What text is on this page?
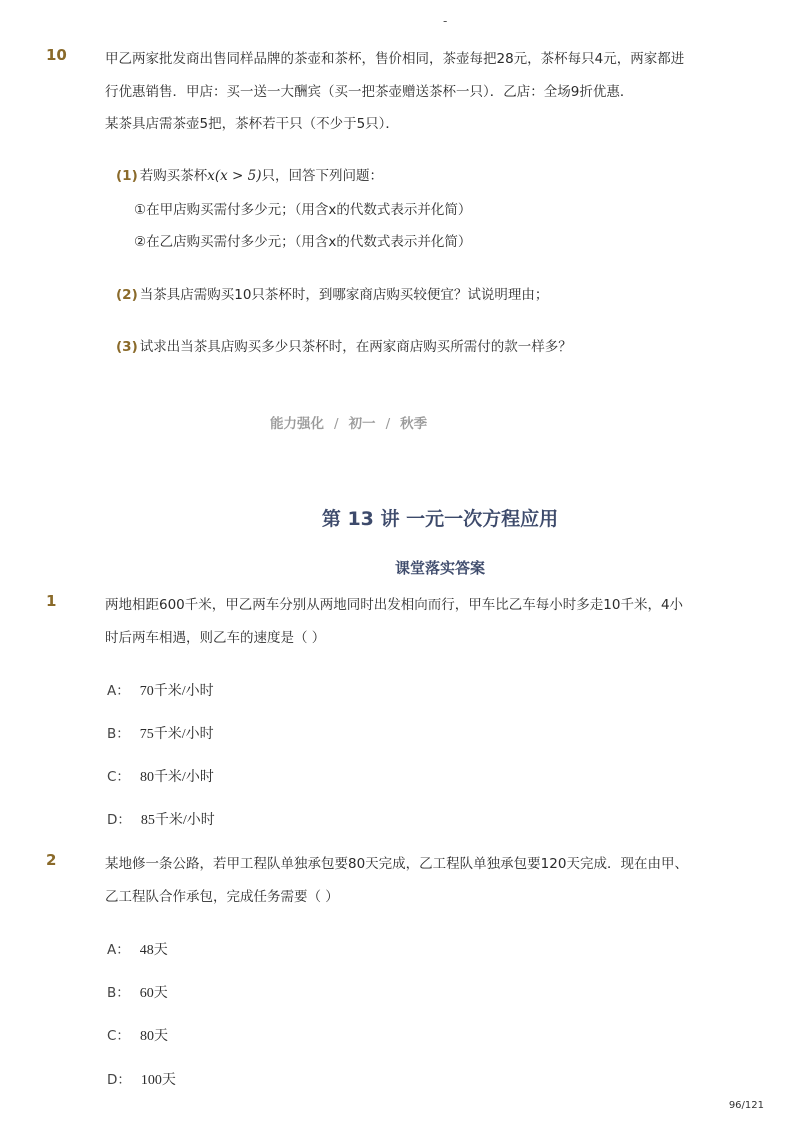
-
10	甲乙两家批发商出售同样品牌的茶壶和茶杯，售价相同，茶壶每把28元，茶杯每只4元，两家都进
行优惠销售．甲店：买一送一大酬宾（买一把茶壶赠送茶杯一只）．乙店：全场9折优惠．
某茶具店需茶壶5把，茶杯若干只（不少于5只）．
(1) 若购买茶杯x(x > 5)只，回答下列问题：
①在甲店购买需付多少元；（用含x的代数式表示并化简）
②在乙店购买需付多少元；（用含x的代数式表示并化简）
(2) 当茶具店需购买10只茶杯时，到哪家商店购买较便宜？试说明理由；
(3) 试求出当茶具店购买多少只茶杯时，在两家商店购买所需付的款一样多？
能力强化 / 初一 / 秋季
第 13 讲 一元一次方程应用
课堂落实答案
1	两地相距600千米，甲乙两车分别从两地同时出发相向而行，甲车比乙车每小时多走10千米，4小
时后两车相遇，则乙车的速度是（ ）
A： 70千米/小时
B： 75千米/小时
C： 80千米/小时
D： 85千米/小时
2	某地修一条公路，若甲工程队单独承包要80天完成，乙工程队单独承包要120天完成．现在由甲、
乙工程队合作承包，完成任务需要（ ）
A： 48天
B： 60天
C： 80天
D： 100天
96/121
